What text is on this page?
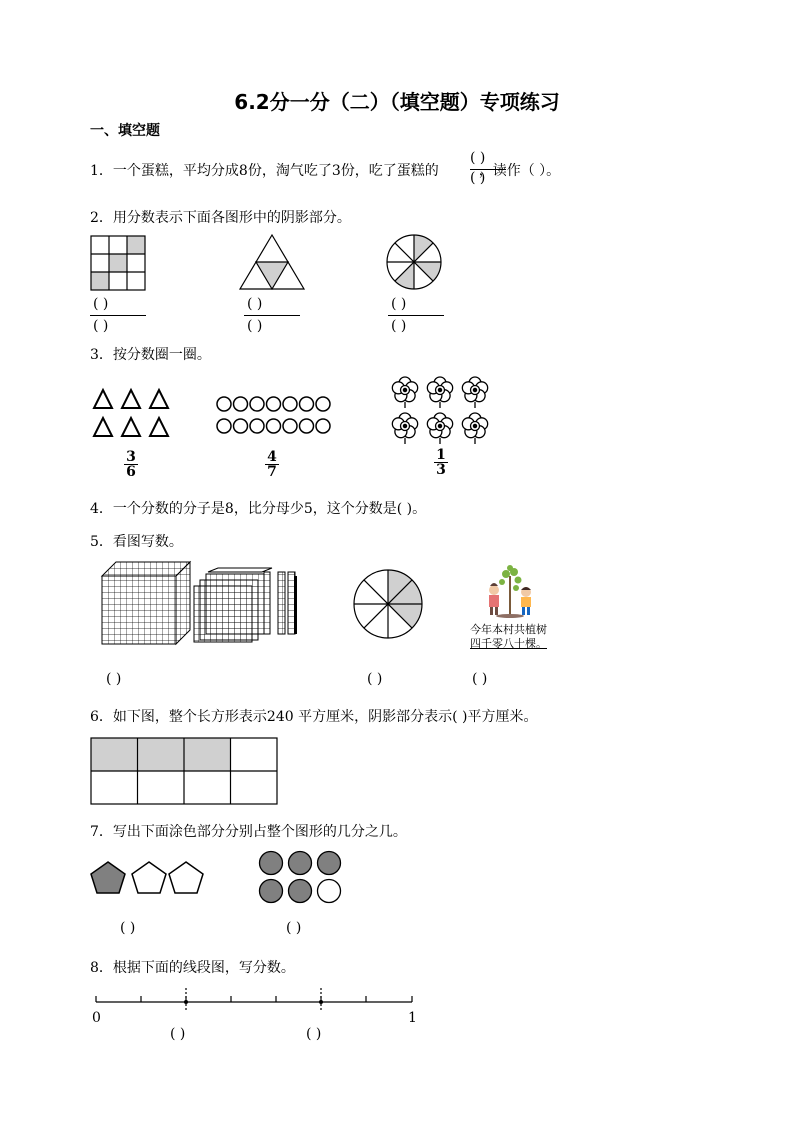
6.2分一分（二）（填空题）专项练习
一、填空题
1．一个蛋糕，平均分成8份，淘气吃了3份，吃了蛋糕的	，读作（ ）。
( )
( )
2．用分数表示下面各图形中的阴影部分。
( )
( )
( )
( )
( )
( )
3．按分数圈一圈。
3
6
4
7
1
3
4．一个分数的分子是8，比分母少5，这个分数是( )。
5．看图写数。
今年本村共植树
四千零八十棵。
( )	( )	( )
6．如下图，整个长方形表示240 平方厘米，阴影部分表示( )平方厘米。
7．写出下面涂色部分分别占整个图形的几分之几。
( )	( )
8．根据下面的线段图，写分数。
0	1
( )	( )
